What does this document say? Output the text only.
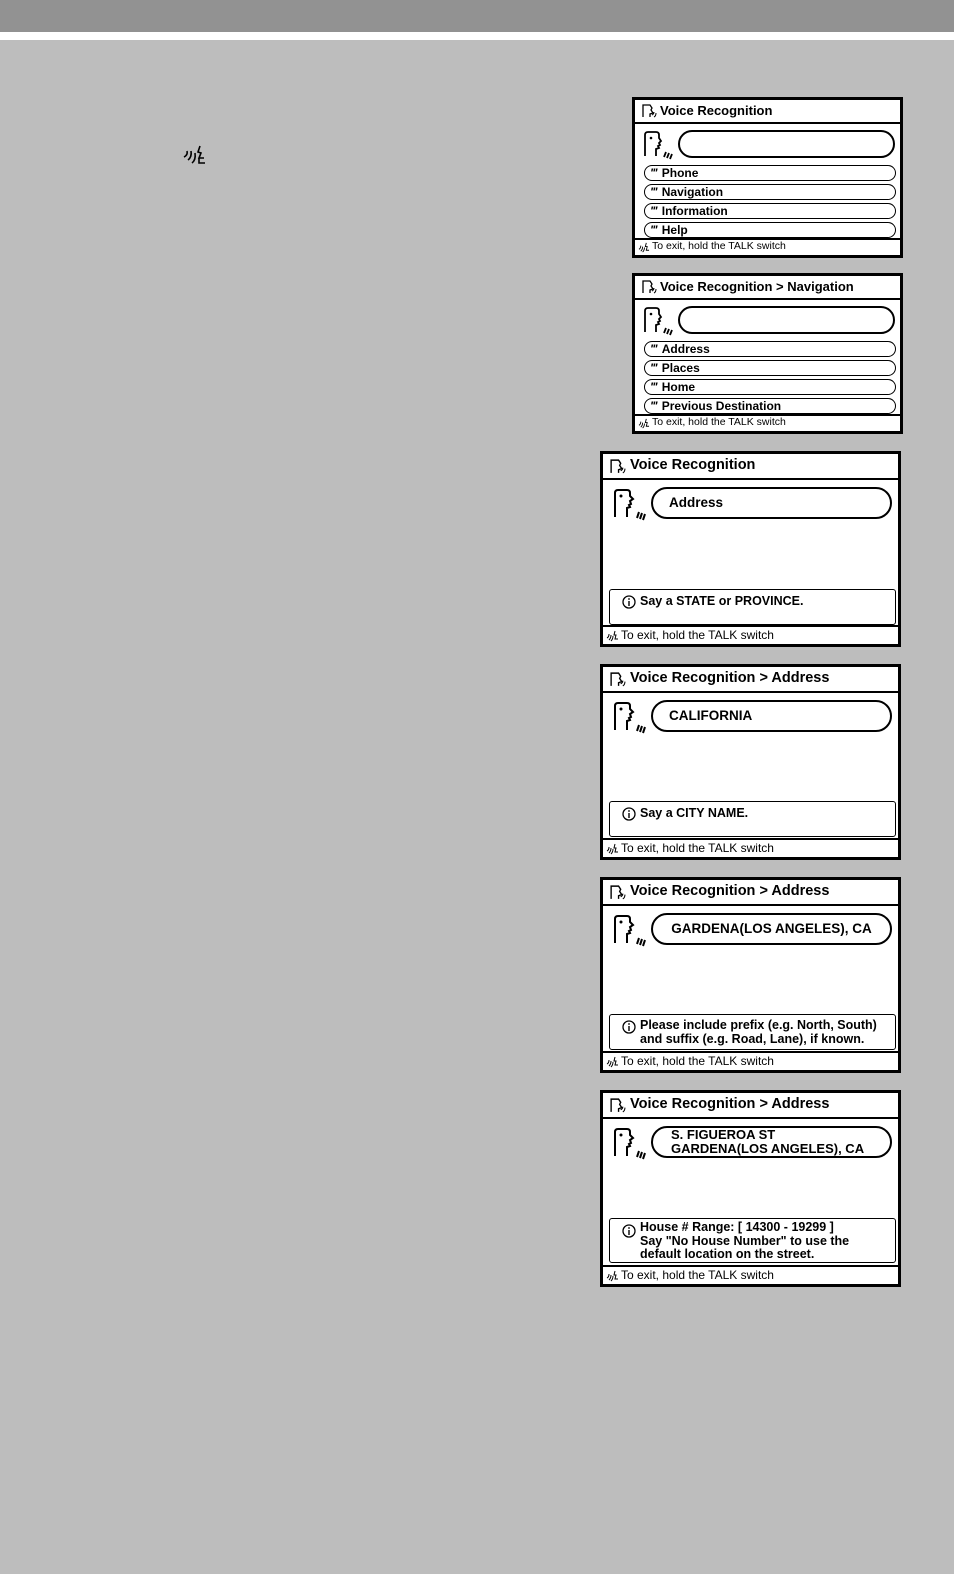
Voice Recognition
‴ Phone
‴ Navigation
‴ Information
‴ Help
To exit, hold the TALK switch
Voice Recognition > Navigation
‴ Address
‴ Places
‴ Home
‴ Previous Destination
To exit, hold the TALK switch
Voice Recognition
Address
Say a STATE or PROVINCE.
To exit, hold the TALK switch
Voice Recognition > Address
CALIFORNIA
Say a CITY NAME.
To exit, hold the TALK switch
Voice Recognition > Address
GARDENA(LOS ANGELES), CA
Please include prefix (e.g. North, South)
and suffix (e.g. Road, Lane), if known.
To exit, hold the TALK switch
Voice Recognition > Address
S. FIGUEROA ST
GARDENA(LOS ANGELES), CA
House # Range: [ 14300 - 19299 ]
Say "No House Number" to use the
default location on the street.
To exit, hold the TALK switch
